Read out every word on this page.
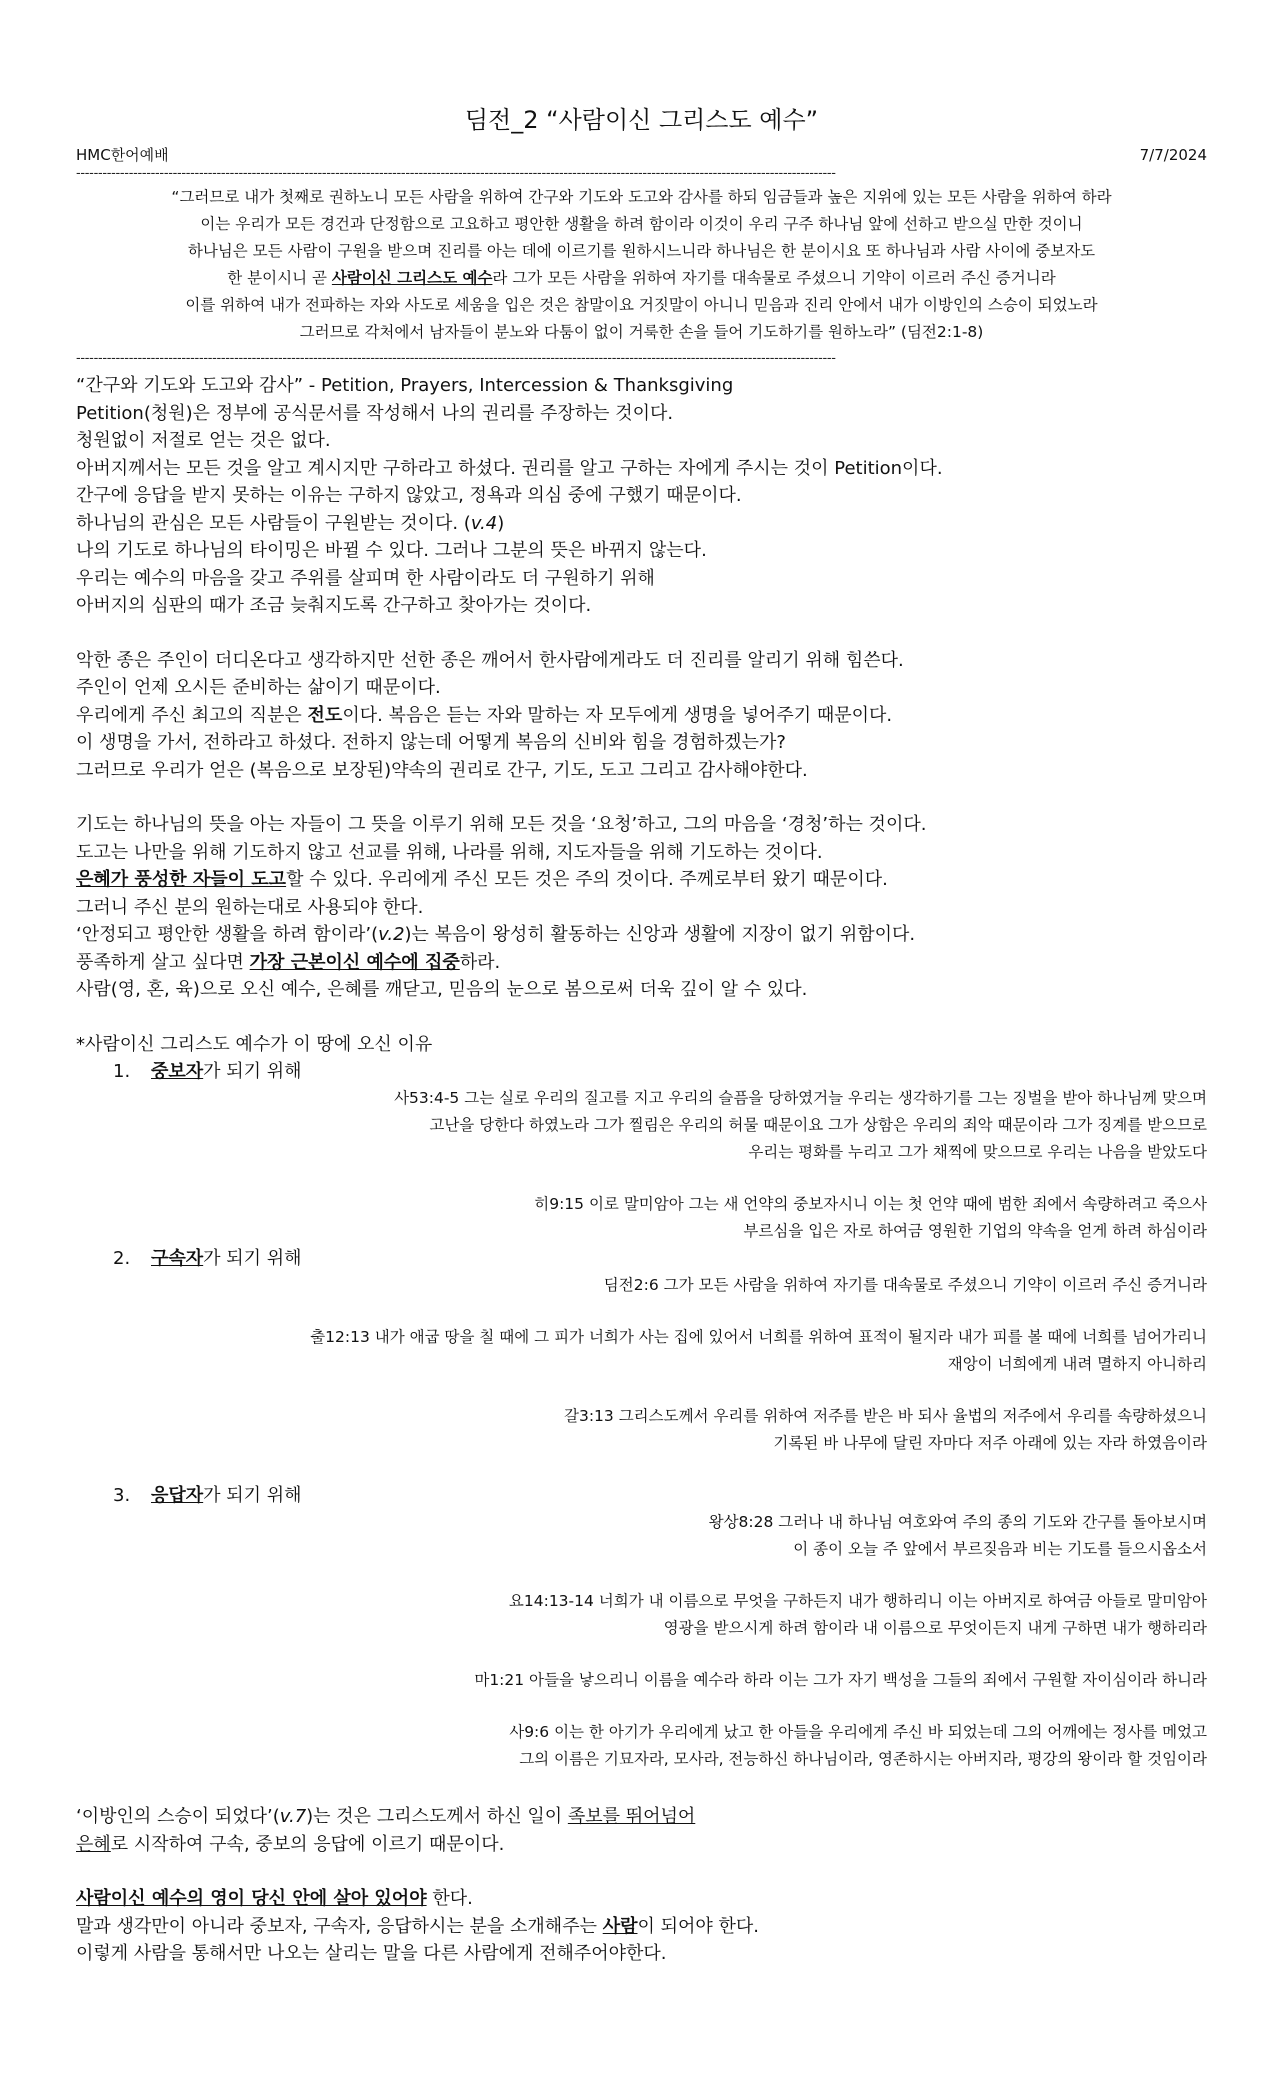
딤전_2 “사람이신 그리스도 예수”
HMC한어예배	7/7/2024
-----------------------------------------------------------------------------------------------------------------------------------------------------------------------------
“그러므로 내가 첫째로 권하노니 모든 사람을 위하여 간구와 기도와 도고와 감사를 하되 임금들과 높은 지위에 있는 모든 사람을 위하여 하라
이는 우리가 모든 경건과 단정함으로 고요하고 평안한 생활을 하려 함이라 이것이 우리 구주 하나님 앞에 선하고 받으실 만한 것이니
하나님은 모든 사람이 구원을 받으며 진리를 아는 데에 이르기를 원하시느니라 하나님은 한 분이시요 또 하나님과 사람 사이에 중보자도
한 분이시니 곧 사람이신 그리스도 예수라 그가 모든 사람을 위하여 자기를 대속물로 주셨으니 기약이 이르러 주신 증거니라
이를 위하여 내가 전파하는 자와 사도로 세움을 입은 것은 참말이요 거짓말이 아니니 믿음과 진리 안에서 내가 이방인의 스승이 되었노라
그러므로 각처에서 남자들이 분노와 다툼이 없이 거룩한 손을 들어 기도하기를 원하노라” (딤전2:1-8)
-----------------------------------------------------------------------------------------------------------------------------------------------------------------------------
“간구와 기도와 도고와 감사” - Petition, Prayers, Intercession & Thanksgiving
Petition(청원)은 정부에 공식문서를 작성해서 나의 권리를 주장하는 것이다.
청원없이 저절로 얻는 것은 없다.
아버지께서는 모든 것을 알고 계시지만 구하라고 하셨다. 권리를 알고 구하는 자에게 주시는 것이 Petition이다.
간구에 응답을 받지 못하는 이유는 구하지 않았고, 정욕과 의심 중에 구했기 때문이다.
하나님의 관심은 모든 사람들이 구원받는 것이다. (v.4)
나의 기도로 하나님의 타이밍은 바뀔 수 있다. 그러나 그분의 뜻은 바뀌지 않는다.
우리는 예수의 마음을 갖고 주위를 살피며 한 사람이라도 더 구원하기 위해
아버지의 심판의 때가 조금 늦춰지도록 간구하고 찾아가는 것이다.
악한 종은 주인이 더디온다고 생각하지만 선한 종은 깨어서 한사람에게라도 더 진리를 알리기 위해 힘쓴다.
주인이 언제 오시든 준비하는 삶이기 때문이다.
우리에게 주신 최고의 직분은 전도이다. 복음은 듣는 자와 말하는 자 모두에게 생명을 넣어주기 때문이다.
이 생명을 가서, 전하라고 하셨다. 전하지 않는데 어떻게 복음의 신비와 힘을 경험하겠는가?
그러므로 우리가 얻은 (복음으로 보장된)약속의 권리로 간구, 기도, 도고 그리고 감사해야한다.
기도는 하나님의 뜻을 아는 자들이 그 뜻을 이루기 위해 모든 것을 ‘요청’하고, 그의 마음을 ‘경청’하는 것이다.
도고는 나만을 위해 기도하지 않고 선교를 위해, 나라를 위해, 지도자들을 위해 기도하는 것이다.
은혜가 풍성한 자들이 도고할 수 있다. 우리에게 주신 모든 것은 주의 것이다. 주께로부터 왔기 때문이다.
그러니 주신 분의 원하는대로 사용되야 한다.
‘안정되고 평안한 생활을 하려 함이라’(v.2)는 복음이 왕성히 활동하는 신앙과 생활에 지장이 없기 위함이다.
풍족하게 살고 싶다면 가장 근본이신 예수에 집중하라.
사람(영, 혼, 육)으로 오신 예수, 은혜를 깨닫고, 믿음의 눈으로 봄으로써 더욱 깊이 알 수 있다.
*사람이신 그리스도 예수가 이 땅에 오신 이유
1.	중보자가 되기 위해
사53:4-5 그는 실로 우리의 질고를 지고 우리의 슬픔을 당하였거늘 우리는 생각하기를 그는 징벌을 받아 하나님께 맞으며
고난을 당한다 하였노라 그가 찔림은 우리의 허물 때문이요 그가 상함은 우리의 죄악 때문이라 그가 징계를 받으므로
우리는 평화를 누리고 그가 채찍에 맞으므로 우리는 나음을 받았도다
히9:15 이로 말미암아 그는 새 언약의 중보자시니 이는 첫 언약 때에 범한 죄에서 속량하려고 죽으사
부르심을 입은 자로 하여금 영원한 기업의 약속을 얻게 하려 하심이라
2.	구속자가 되기 위해
딤전2:6 그가 모든 사람을 위하여 자기를 대속물로 주셨으니 기약이 이르러 주신 증거니라
출12:13 내가 애굽 땅을 칠 때에 그 피가 너희가 사는 집에 있어서 너희를 위하여 표적이 될지라 내가 피를 볼 때에 너희를 넘어가리니
재앙이 너희에게 내려 멸하지 아니하리
갈3:13 그리스도께서 우리를 위하여 저주를 받은 바 되사 율법의 저주에서 우리를 속량하셨으니
기록된 바 나무에 달린 자마다 저주 아래에 있는 자라 하였음이라
3.	응답자가 되기 위해
왕상8:28 그러나 내 하나님 여호와여 주의 종의 기도와 간구를 돌아보시며
이 종이 오늘 주 앞에서 부르짖음과 비는 기도를 들으시옵소서
요14:13-14 너희가 내 이름으로 무엇을 구하든지 내가 행하리니 이는 아버지로 하여금 아들로 말미암아
영광을 받으시게 하려 함이라 내 이름으로 무엇이든지 내게 구하면 내가 행하리라
마1:21 아들을 낳으리니 이름을 예수라 하라 이는 그가 자기 백성을 그들의 죄에서 구원할 자이심이라 하니라
사9:6 이는 한 아기가 우리에게 났고 한 아들을 우리에게 주신 바 되었는데 그의 어깨에는 정사를 메었고
그의 이름은 기묘자라, 모사라, 전능하신 하나님이라, 영존하시는 아버지라, 평강의 왕이라 할 것임이라
‘이방인의 스승이 되었다’(v.7)는 것은 그리스도께서 하신 일이 족보를 뛰어넘어
은혜로 시작하여 구속, 중보의 응답에 이르기 때문이다.
사람이신 예수의 영이 당신 안에 살아 있어야 한다.
말과 생각만이 아니라 중보자, 구속자, 응답하시는 분을 소개해주는 사람이 되어야 한다.
이렇게 사람을 통해서만 나오는 살리는 말을 다른 사람에게 전해주어야한다.
